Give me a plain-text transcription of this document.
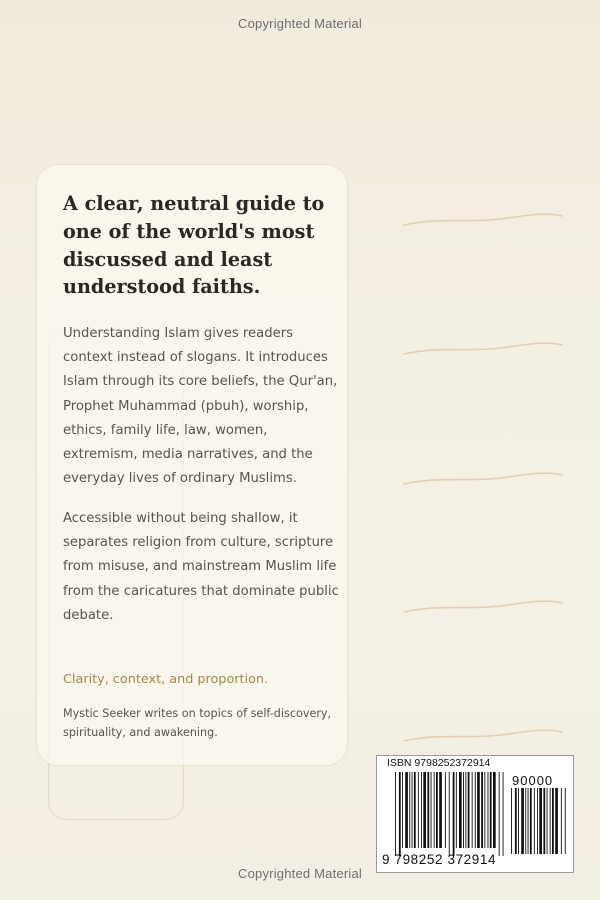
Copyrighted Material

A clear, neutral guide to one of the world's most discussed and least understood faiths.

Understanding Islam gives readers context instead of slogans. It introduces Islam through its core beliefs, the Qur'an, Prophet Muhammad (pbuh), worship, ethics, family life, law, women, extremism, media narratives, and the everyday lives of ordinary Muslims.

Accessible without being shallow, it separates religion from culture, scripture from misuse, and mainstream Muslim life from the caricatures that dominate public debate.

Clarity, context, and proportion.

Mystic Seeker writes on topics of self-discovery, spirituality, and awakening.

ISBN 9798252372914
90000
9 798252 372914
Copyrighted Material
